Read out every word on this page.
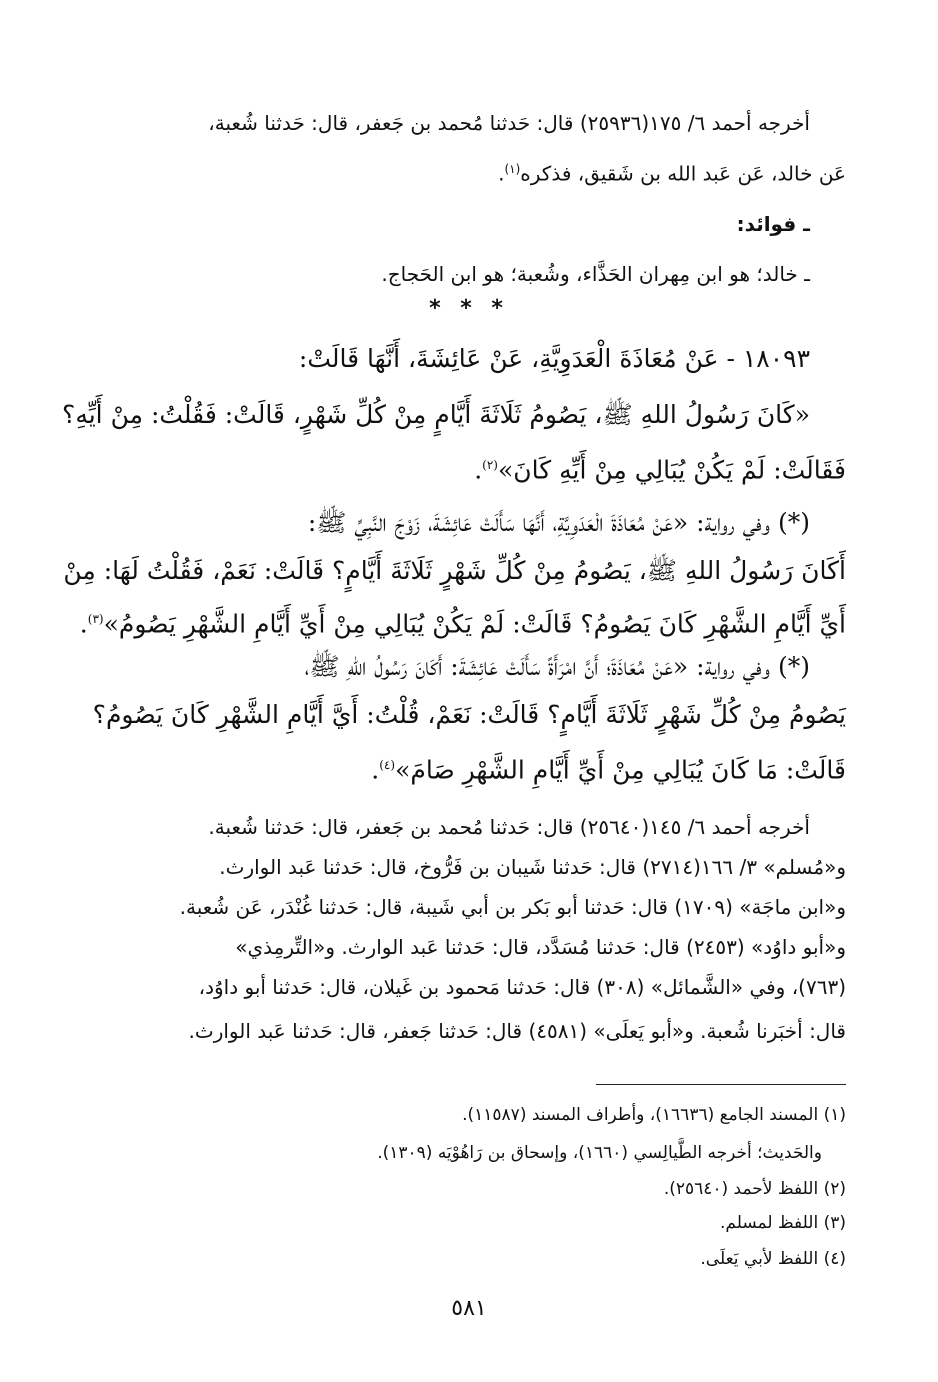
أخرجه أحمد ٦/ ١٧٥(٢٥٩٣٦) قال: حَدثنا مُحمد بن جَعفر، قال: حَدثنا شُعبة،
عَن خالد، عَن عَبد الله بن شَقيق، فذكره$^{(١)}$.
ـ فوائد:
ـ خالد؛ هو ابن مِهران الحَذَّاء، وشُعبة؛ هو ابن الحَجاج.
* * *
١٨٠٩٣ - عَنْ مُعَاذَةَ الْعَدَوِيَّةِ، عَنْ عَائِشَةَ، أَنَّهَا قَالَتْ:
«كَانَ رَسُولُ اللهِ ﷺ، يَصُومُ ثَلَاثَةَ أَيَّامٍ مِنْ كُلِّ شَهْرٍ، قَالَتْ: فَقُلْتُ: مِنْ أَيِّهِ؟
فَقَالَتْ: لَمْ يَكُنْ يُبَالِي مِنْ أَيِّهِ كَانَ»$^{(٢)}$.
(*) وفي رواية: «عَنْ مُعَاذَةَ الْعَدَوِيَّةِ، أَنَّهَا سَأَلَتْ عَائِشَةَ، زَوْجَ النَّبِيِّ ﷺ:
أَكَانَ رَسُولُ اللهِ ﷺ، يَصُومُ مِنْ كُلِّ شَهْرٍ ثَلَاثَةَ أَيَّامٍ؟ قَالَتْ: نَعَمْ، فَقُلْتُ لَهَا: مِنْ
أَيِّ أَيَّامِ الشَّهْرِ كَانَ يَصُومُ؟ قَالَتْ: لَمْ يَكُنْ يُبَالِي مِنْ أَيِّ أَيَّامِ الشَّهْرِ يَصُومُ»$^{(٣)}$.
(*) وفي رواية: «عَنْ مُعَاذَةَ؛ أَنَّ امْرَأَةً سَأَلَتْ عَائِشَةَ: أَكَانَ رَسُولُ اللهِ ﷺ،
يَصُومُ مِنْ كُلِّ شَهْرٍ ثَلَاثَةَ أَيَّامٍ؟ قَالَتْ: نَعَمْ، قُلْتُ: أَيَّ أَيَّامِ الشَّهْرِ كَانَ يَصُومُ؟
قَالَتْ: مَا كَانَ يُبَالِي مِنْ أَيِّ أَيَّامِ الشَّهْرِ صَامَ»$^{(٤)}$.
أخرجه أحمد ٦/ ١٤٥(٢٥٦٤٠) قال: حَدثنا مُحمد بن جَعفر، قال: حَدثنا شُعبة.
و«مُسلم» ٣/ ١٦٦(٢٧١٤) قال: حَدثنا شَيبان بن فَرُّوخ، قال: حَدثنا عَبد الوارث.
و«ابن ماجَة» (١٧٠٩) قال: حَدثنا أبو بَكر بن أبي شَيبة، قال: حَدثنا غُنْدَر، عَن شُعبة.
و«أبو داوُد» (٢٤٥٣) قال: حَدثنا مُسَدَّد، قال: حَدثنا عَبد الوارث. و«التِّرمِذي»
(٧٦٣)، وفي «الشَّمائل» (٣٠٨) قال: حَدثنا مَحمود بن غَيلان، قال: حَدثنا أبو داوُد،
قال: أخبَرنا شُعبة. و«أبو يَعلَى» (٤٥٨١) قال: حَدثنا جَعفر، قال: حَدثنا عَبد الوارث.
(١) المسند الجامع (١٦٦٣٦)، وأطراف المسند (١١٥٨٧).
والحَديث؛ أخرجه الطَّيالِسي (١٦٦٠)، وإسحاق بن رَاهُوْيَه (١٣٠٩).
(٢) اللفظ لأحمد (٢٥٦٤٠).
(٣) اللفظ لمسلم.
(٤) اللفظ لأبي يَعلَى.
٥٨١
